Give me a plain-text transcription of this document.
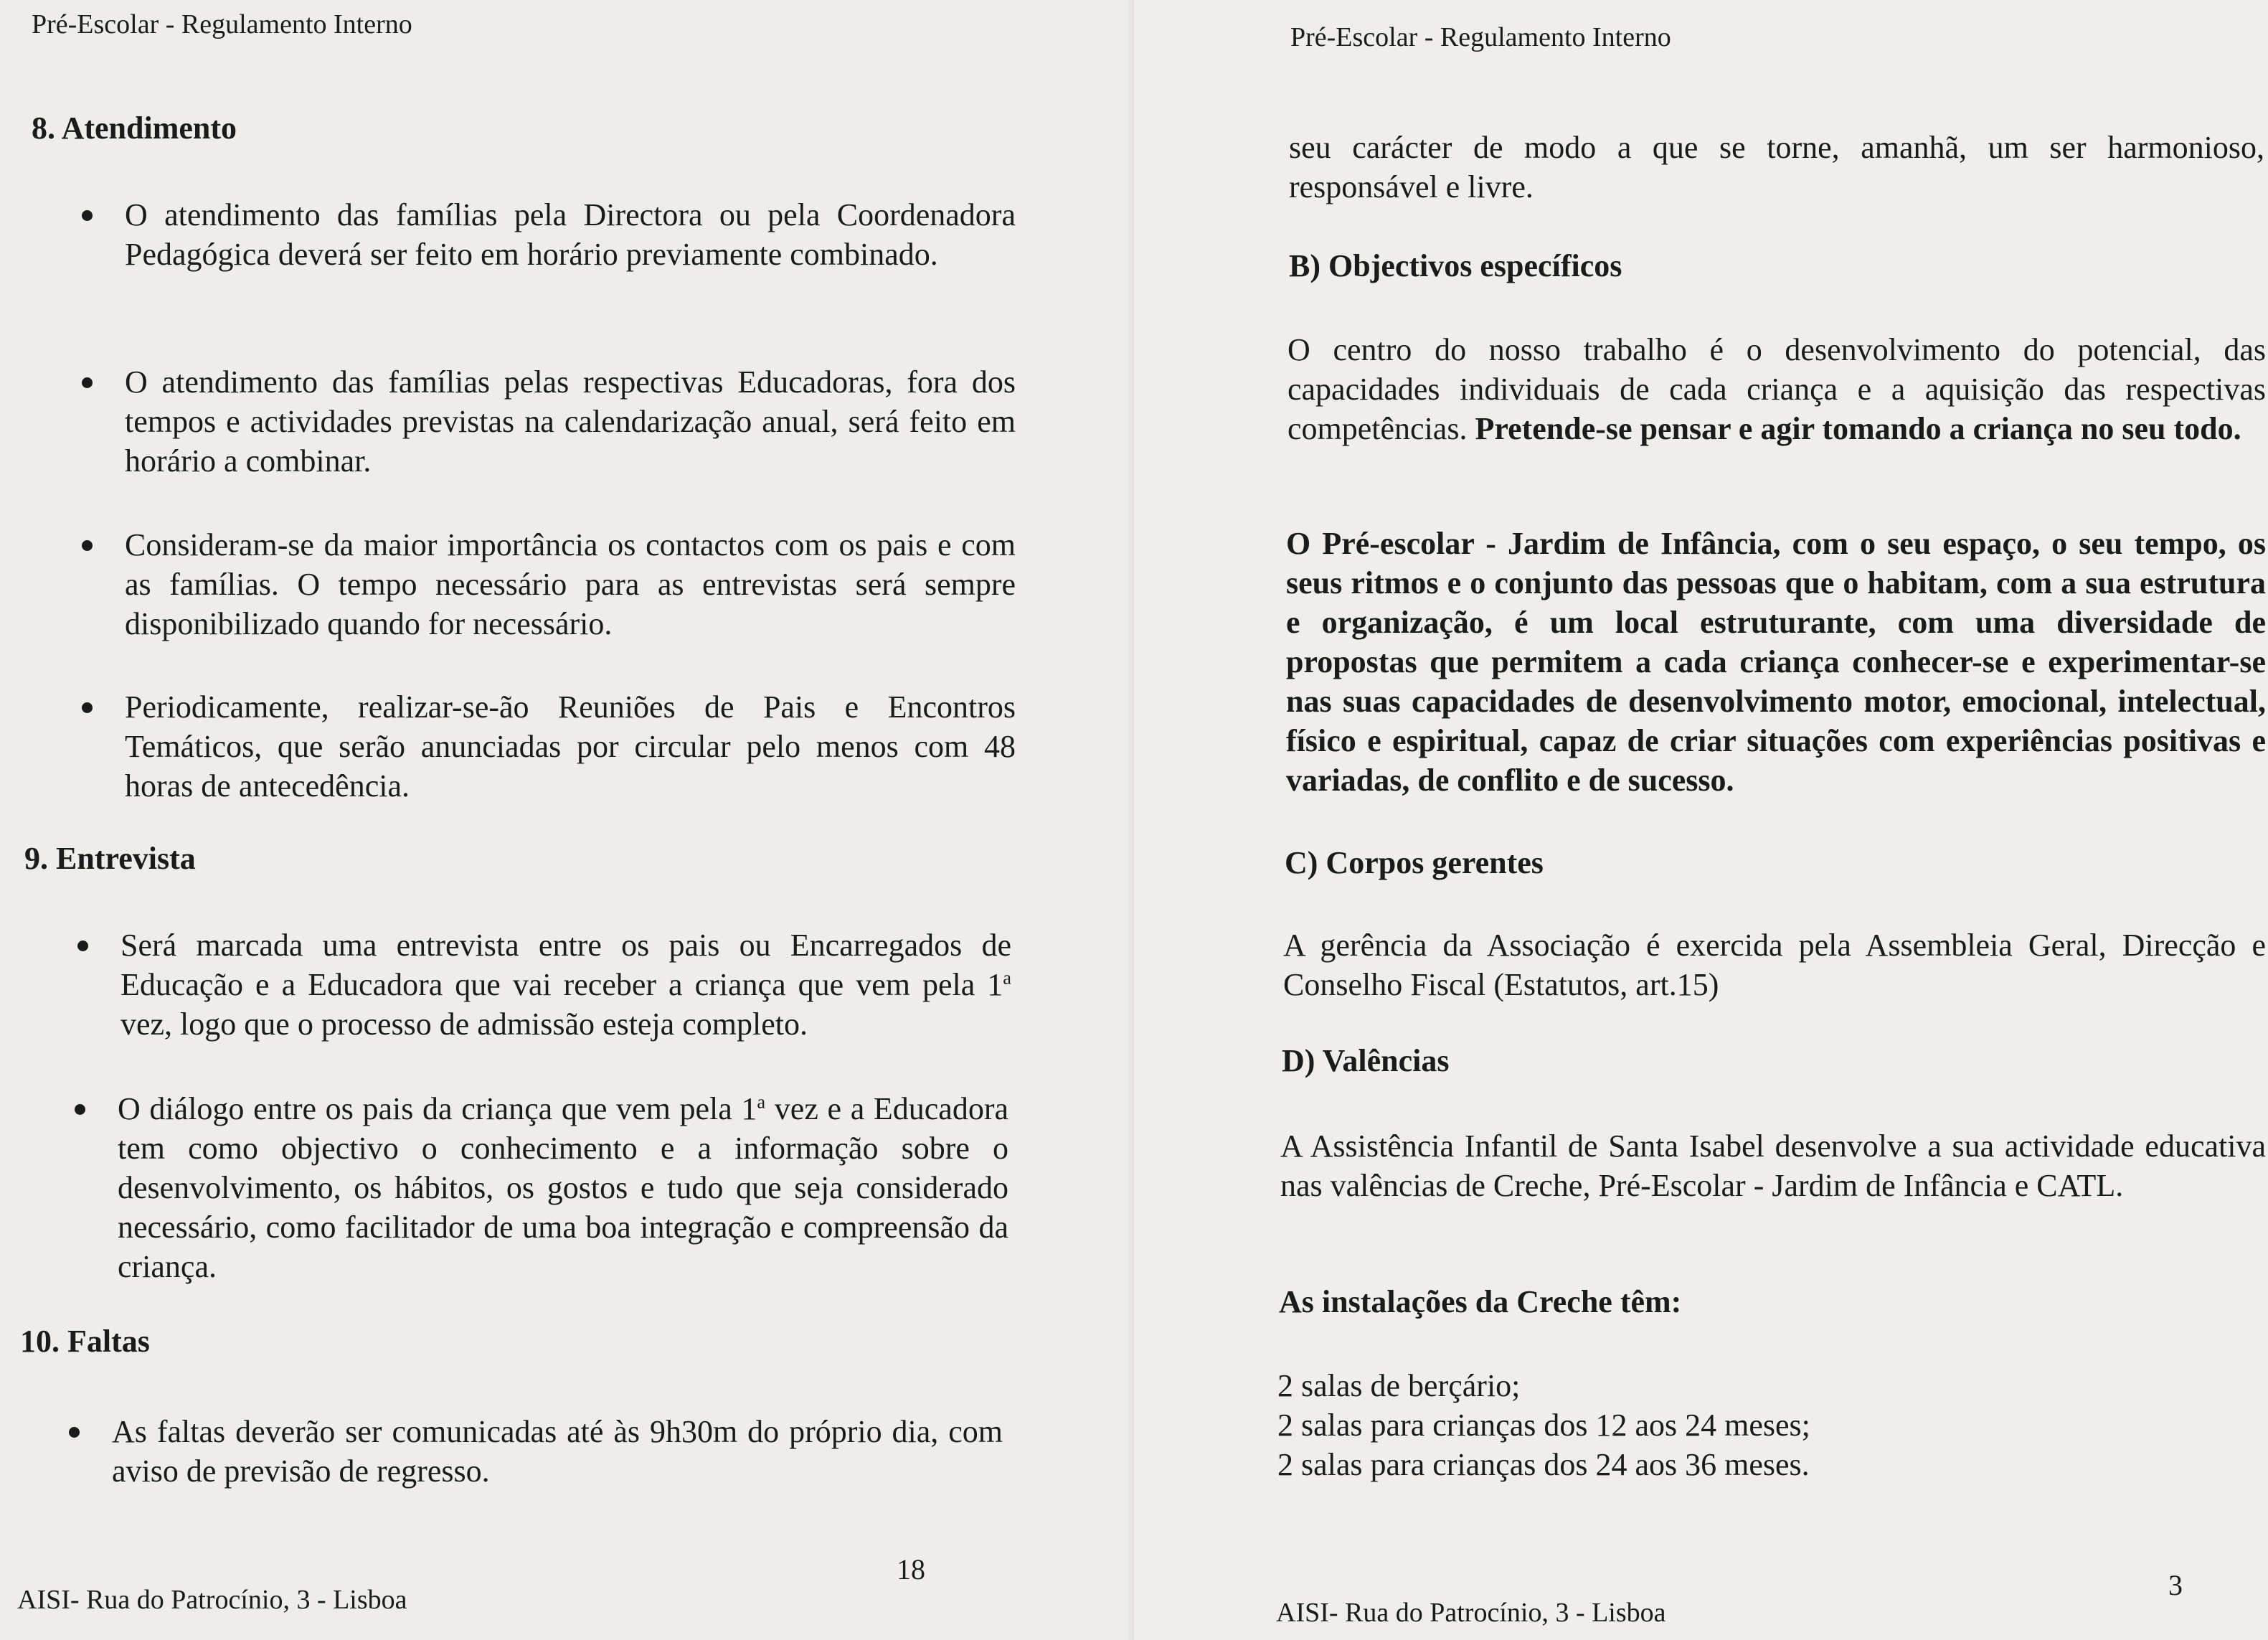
Pré-Escolar - Regulamento Interno
8. Atendimento
O atendimento das famílias pela Directora ou pela Coordenadora Pedagógica deverá ser feito em horário previamente combinado.
O atendimento das famílias pelas respectivas Educadoras, fora dos tempos e actividades previstas na calendarização anual, será feito em horário a combinar.
Consideram-se da maior importância os contactos com os pais e com as famílias. O tempo necessário para as entrevistas será sempre disponibilizado quando for necessário.
Periodicamente, realizar-se-ão Reuniões de Pais e Encontros Temáticos, que serão anunciadas por circular pelo menos com 48 horas de antecedência.
9. Entrevista
Será marcada uma entrevista entre os pais ou Encarregados de Educação e a Educadora que vai receber a criança que vem pela 1$^a$ vez, logo que o processo de admissão esteja completo.
O diálogo entre os pais da criança que vem pela 1$^a$ vez e a Educadora tem como objectivo o conhecimento e a informação sobre o desenvolvimento, os hábitos, os gostos e tudo que seja considerado necessário, como facilitador de uma boa integração e compreensão da criança.
10. Faltas
As faltas deverão ser comunicadas até às 9h30m do próprio dia, com aviso de previsão de regresso.
18
AISI- Rua do Patrocínio, 3 - Lisboa
Pré-Escolar - Regulamento Interno

seu carácter de modo a que se torne, amanhã, um ser harmonioso, responsável e livre.

B) Objectivos específicos

O centro do nosso trabalho é o desenvolvimento do potencial, das capacidades individuais de cada criança e a aquisição das respectivas competências. Pretende-se pensar e agir tomando a criança no seu todo.

O Pré-escolar - Jardim de Infância, com o seu espaço, o seu tempo, os seus ritmos e o conjunto das pessoas que o habitam, com a sua estrutura e organização, é um local estruturante, com uma diversidade de propostas que permitem a cada criança conhecer-se e experimentar-se nas suas capacidades de desenvolvimento motor, emocional, intelectual, físico e espiritual, capaz de criar situações com experiências positivas e variadas, de conflito e de sucesso.

C) Corpos gerentes

A gerência da Associação é exercida pela Assembleia Geral, Direcção e Conselho Fiscal (Estatutos, art.15)

D) Valências

A Assistência Infantil de Santa Isabel desenvolve a sua actividade educativa nas valências de Creche, Pré-Escolar - Jardim de Infância e CATL.

As instalações da Creche têm:
2 salas de berçário;
2 salas para crianças dos 12 aos 24 meses;
2 salas para crianças dos 24 aos 36 meses.
3
AISI- Rua do Patrocínio, 3 - Lisboa
